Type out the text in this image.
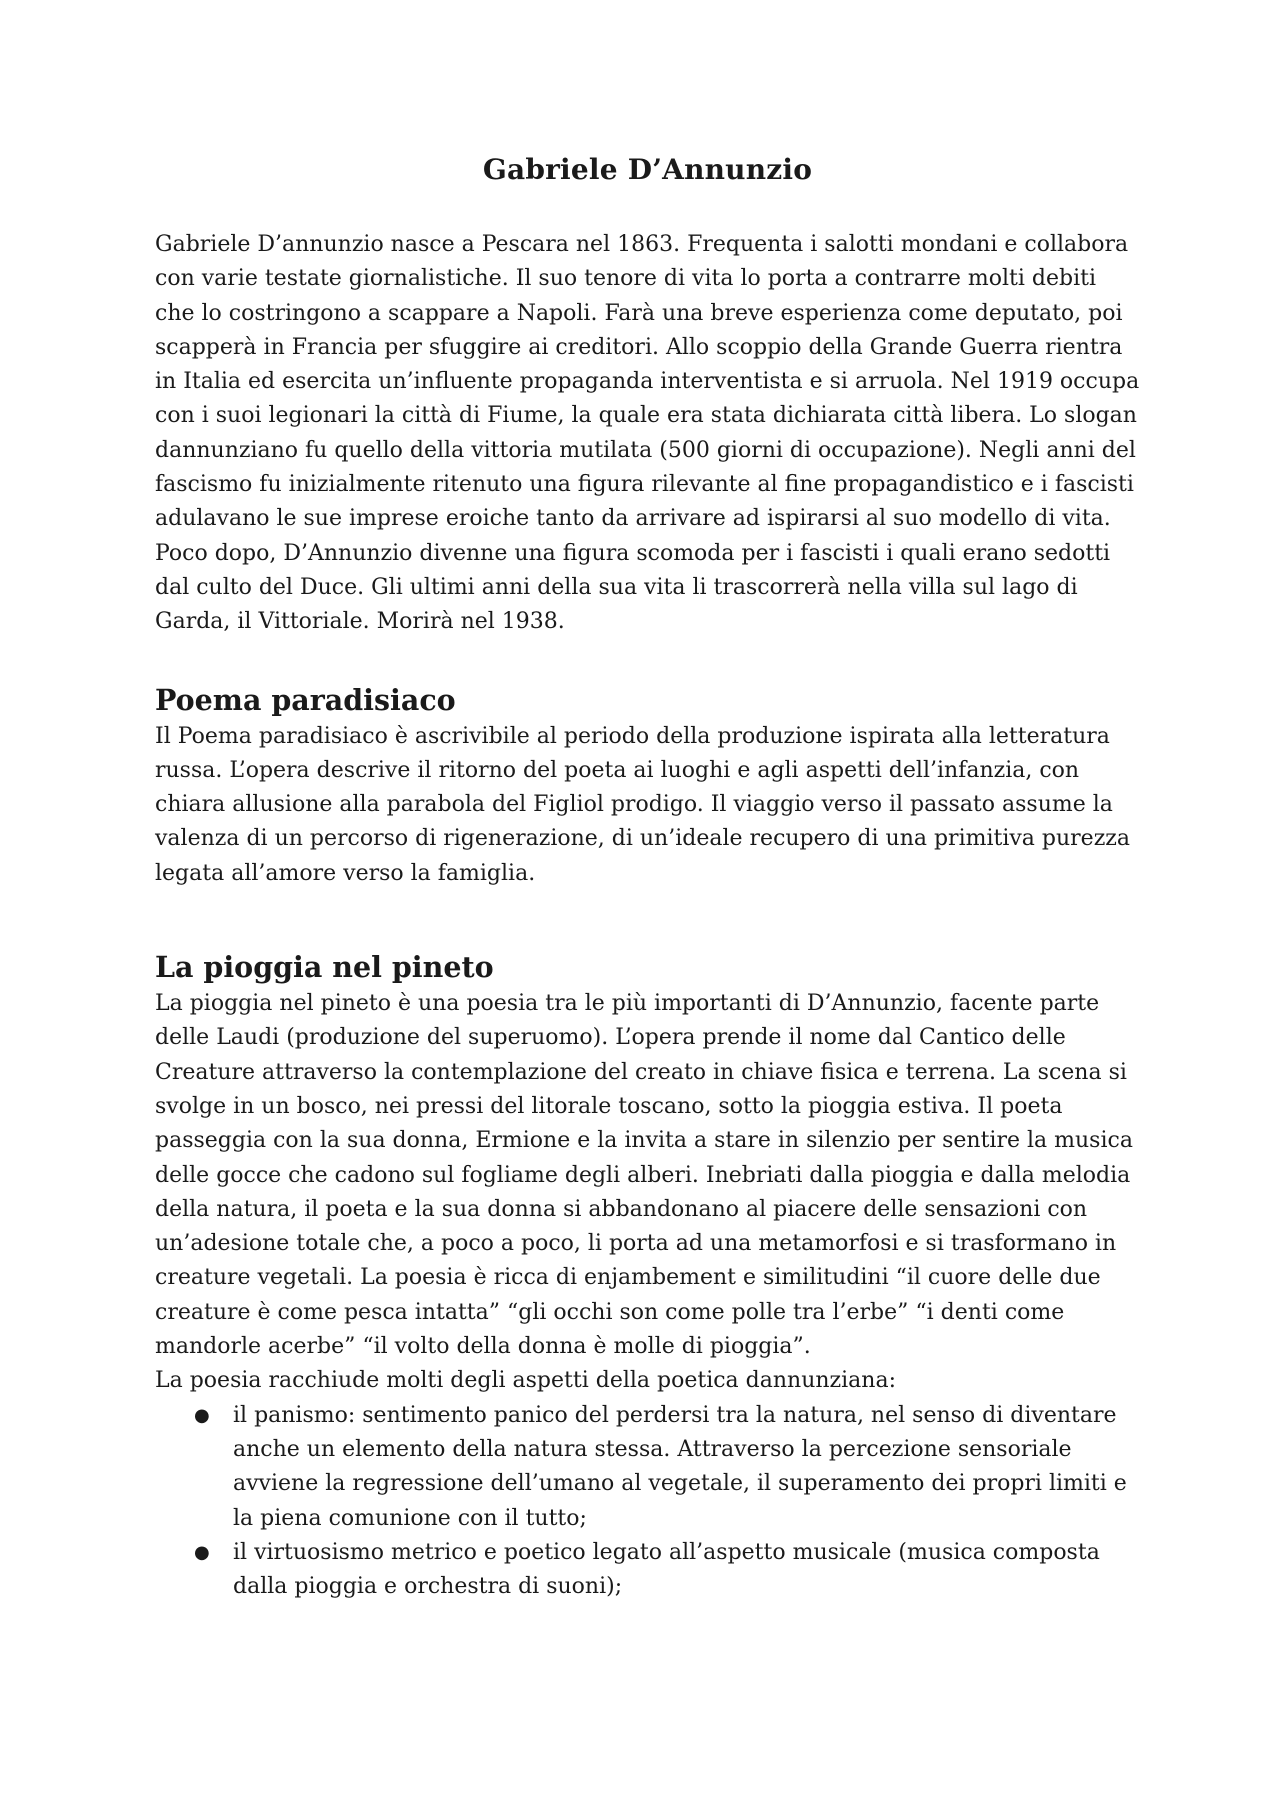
Gabriele D’Annunzio

Gabriele D’annunzio nasce a Pescara nel 1863. Frequenta i salotti mondani e collabora con varie testate giornalistiche. Il suo tenore di vita lo porta a contrarre molti debiti che lo costringono a scappare a Napoli. Farà una breve esperienza come deputato, poi scapperà in Francia per sfuggire ai creditori. Allo scoppio della Grande Guerra rientra in Italia ed esercita un’influente propaganda interventista e si arruola. Nel 1919 occupa con i suoi legionari la città di Fiume, la quale era stata dichiarata città libera. Lo slogan dannunziano fu quello della vittoria mutilata (500 giorni di occupazione). Negli anni del fascismo fu inizialmente ritenuto una figura rilevante al fine propagandistico e i fascisti adulavano le sue imprese eroiche tanto da arrivare ad ispirarsi al suo modello di vita. Poco dopo, D’Annunzio divenne una figura scomoda per i fascisti i quali erano sedotti dal culto del Duce. Gli ultimi anni della sua vita li trascorrerà nella villa sul lago di Garda, il Vittoriale. Morirà nel 1938.

Poema paradisiaco

Il Poema paradisiaco è ascrivibile al periodo della produzione ispirata alla letteratura russa. L’opera descrive il ritorno del poeta ai luoghi e agli aspetti dell’infanzia, con chiara allusione alla parabola del Figliol prodigo. Il viaggio verso il passato assume la valenza di un percorso di rigenerazione, di un’ideale recupero di una primitiva purezza legata all’amore verso la famiglia.

La pioggia nel pineto

La pioggia nel pineto è una poesia tra le più importanti di D’Annunzio, facente parte delle Laudi (produzione del superuomo). L’opera prende il nome dal Cantico delle Creature attraverso la contemplazione del creato in chiave fisica e terrena. La scena si svolge in un bosco, nei pressi del litorale toscano, sotto la pioggia estiva. Il poeta passeggia con la sua donna, Ermione e la invita a stare in silenzio per sentire la musica delle gocce che cadono sul fogliame degli alberi. Inebriati dalla pioggia e dalla melodia della natura, il poeta e la sua donna si abbandonano al piacere delle sensazioni con un’adesione totale che, a poco a poco, li porta ad una metamorfosi e si trasformano in creature vegetali. La poesia è ricca di enjambement e similitudini “il cuore delle due creature è come pesca intatta” “gli occhi son come polle tra l’erbe” “i denti come mandorle acerbe” “il volto della donna è molle di pioggia”.

La poesia racchiude molti degli aspetti della poetica dannunziana:

● il panismo: sentimento panico del perdersi tra la natura, nel senso di diventare anche un elemento della natura stessa. Attraverso la percezione sensoriale avviene la regressione dell’umano al vegetale, il superamento dei propri limiti e la piena comunione con il tutto;
● il virtuosismo metrico e poetico legato all’aspetto musicale (musica composta dalla pioggia e orchestra di suoni);
